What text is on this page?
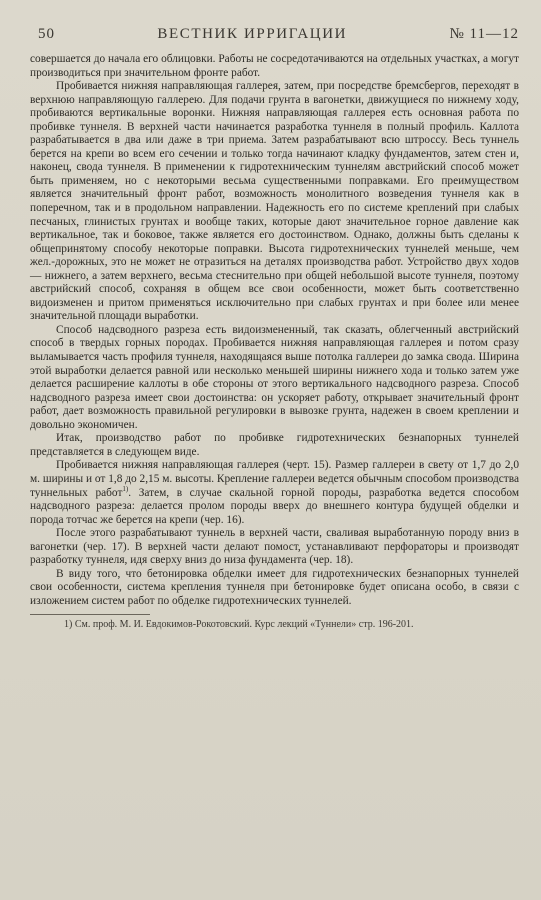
50	ВЕСТНИК ИРРИГАЦИИ	№ 11—12

совершается до начала его облицовки. Работы не сосредотачиваются на отдельных участках, а могут производиться при значительном фронте работ.

Пробивается нижняя направляющая галлерея, затем, при посредстве бремсбергов, переходят в верхнюю направляющую галлерею. Для подачи грунта в вагонетки, движущиеся по нижнему ходу, пробиваются вертикальные воронки. Нижняя направляющая галлерея есть основная работа по пробивке туннеля. В верхней части начинается разработка туннеля в полный профиль. Каллота разрабатывается в два или даже в три приема. Затем разрабатывают всю штроссу. Весь туннель берется на крепи во всем его сечении и только тогда начинают кладку фундаментов, затем стен и, наконец, свода туннеля. В применении к гидротехническим туннелям австрийский способ может быть применяем, но с некоторыми весьма существенными поправками. Его преимуществом является значительный фронт работ, возможность монолитного возведения туннеля как в поперечном, так и в продольном направлении. Надежность его по системе креплений при слабых песчаных, глинистых грунтах и вообще таких, которые дают значительное горное давление как вертикальное, так и боковое, также является его достоинством. Однако, должны быть сделаны к общепринятому способу некоторые поправки. Высота гидротехнических туннелей меньше, чем жел.-дорожных, это не может не отразиться на деталях производства работ. Устройство двух ходов — нижнего, а затем верхнего, весьма стеснительно при общей небольшой высоте туннеля, поэтому австрийский способ, сохраняя в общем все свои особенности, может быть соответственно видоизменен и притом применяться исключительно при слабых грунтах и при более или менее значительной площади выработки.

Способ надсводного разреза есть видоизмененный, так сказать, облегченный австрийский способ в твердых горных породах. Пробивается нижняя направляющая галлерея и потом сразу выламывается часть профиля туннеля, находящаяся выше потолка галлереи до замка свода. Ширина этой выработки делается равной или несколько меньшей ширины нижнего хода и только затем уже делается расширение каллоты в обе стороны от этого вертикального надсводного разреза. Способ надсводного разреза имеет свои достоинства: он ускоряет работу, открывает значительный фронт работ, дает возможность правильной регулировки в вывозке грунта, надежен в своем креплении и довольно экономичен.

Итак, производство работ по пробивке гидротехнических безнапорных туннелей представляется в следующем виде.

Пробивается нижняя направляющая галлерея (черт. 15). Размер галлереи в свету от 1,7 до 2,0 м. ширины и от 1,8 до 2,15 м. высоты. Крепление галлереи ведется обычным способом производства туннельных работ$^{1)}$. Затем, в случае скальной горной породы, разработка ведется способом надсводного разреза: делается пролом породы вверх до внешнего контура будущей обделки и порода тотчас же берется на крепи (чер. 16).

После этого разрабатывают туннель в верхней части, сваливая выработанную породу вниз в вагонетки (чер. 17). В верхней части делают помост, устанавливают перфораторы и производят разработку туннеля, идя сверху вниз до низа фундамента (чер. 18).

В виду того, что бетонировка обделки имеет для гидротехнических безнапорных туннелей свои особенности, система крепления туннеля при бетонировке будет описана особо, в связи с изложением систем работ по обделке гидротехнических туннелей.

1) См. проф. М. И. Евдокимов-Рокотовский. Курс лекций «Туннели» стр. 196-201.
